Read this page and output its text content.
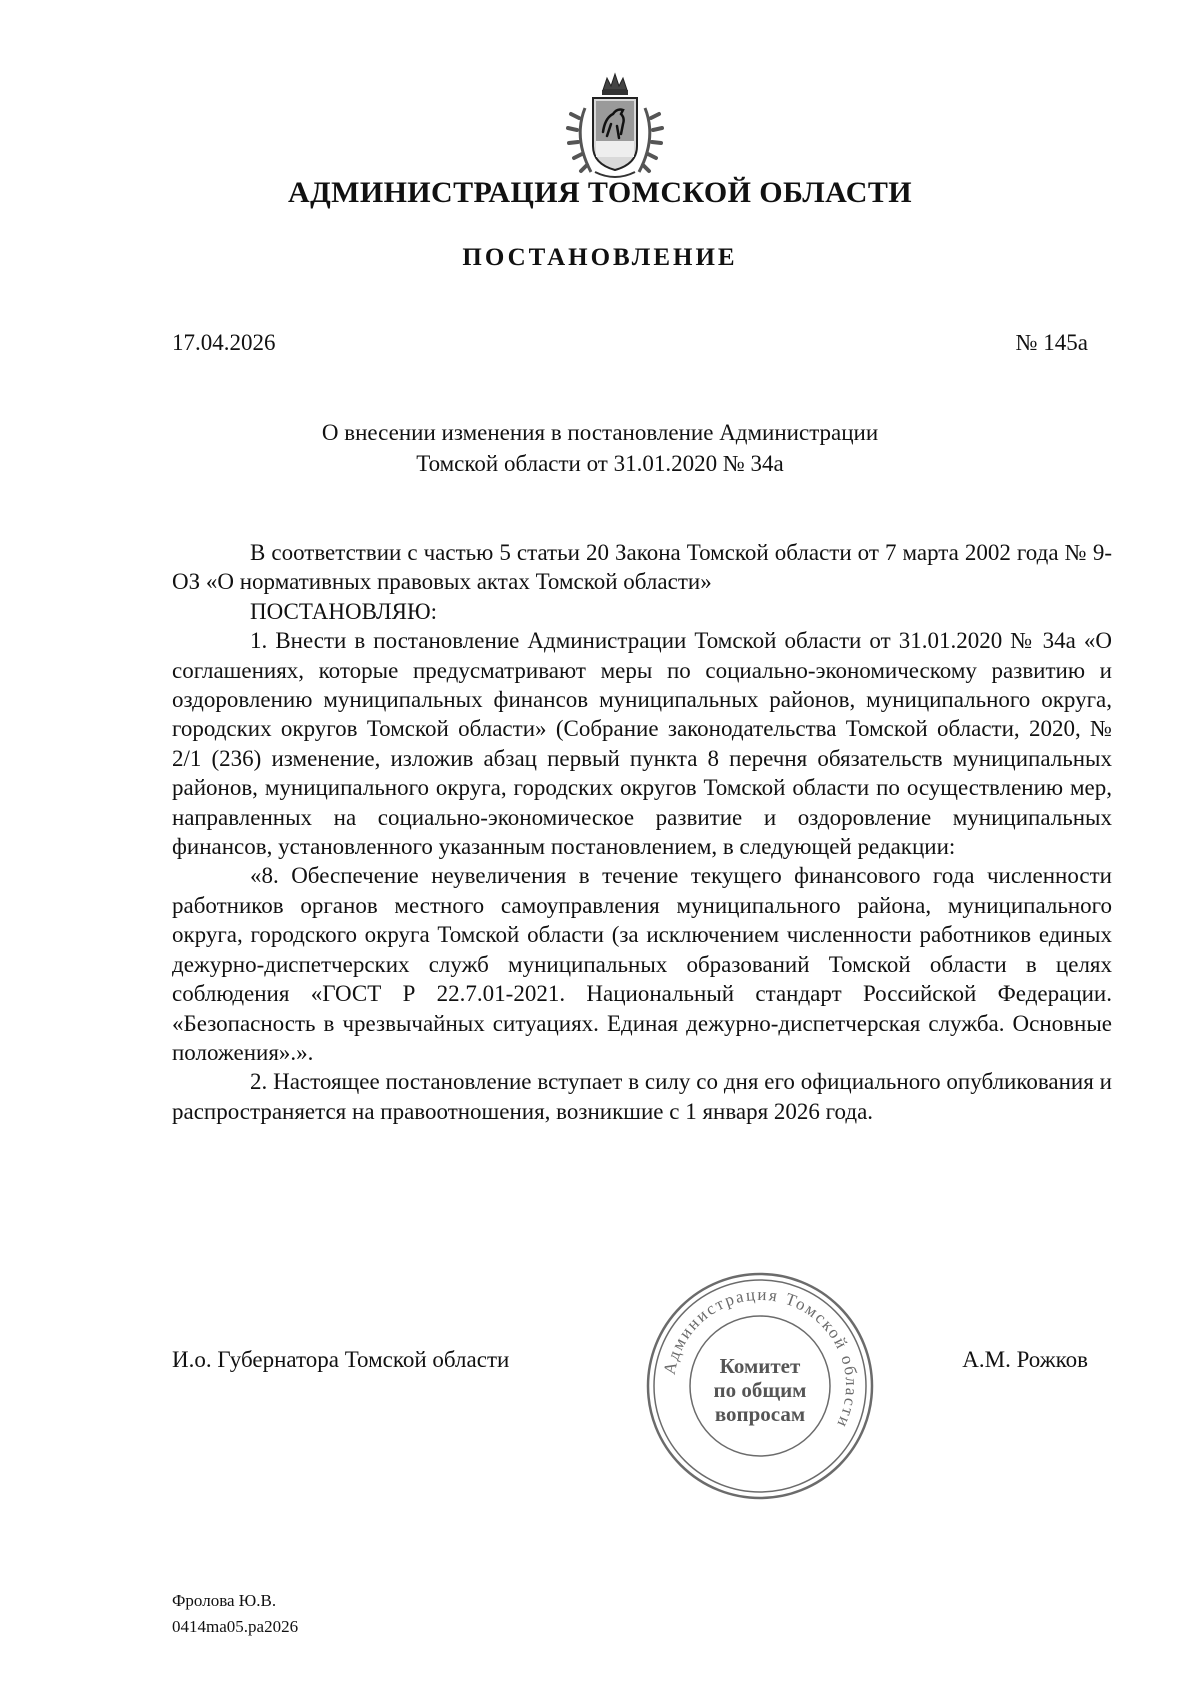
АДМИНИСТРАЦИЯ ТОМСКОЙ ОБЛАСТИ
ПОСТАНОВЛЕНИЕ
17.04.2026	№ 145а
О внесении изменения в постановление Администрации
Томской области от 31.01.2020 № 34а

В соответствии с частью 5 статьи 20 Закона Томской области от 7 марта 2002 года № 9-ОЗ «О нормативных правовых актах Томской области»

ПОСТАНОВЛЯЮ:

1. Внести в постановление Администрации Томской области от 31.01.2020 № 34а «О соглашениях, которые предусматривают меры по социально-экономическому развитию и оздоровлению муниципальных финансов муниципальных районов, муниципального округа, городских округов Томской области» (Собрание законодательства Томской области, 2020, № 2/1 (236) изменение, изложив абзац первый пункта 8 перечня обязательств муниципальных районов, муниципального округа, городских округов Томской области по осуществлению мер, направленных на социально-экономическое развитие и оздоровление муниципальных финансов, установленного указанным постановлением, в следующей редакции:

«8. Обеспечение неувеличения в течение текущего финансового года численности работников органов местного самоуправления муниципального района, муниципального округа, городского округа Томской области (за исключением численности работников единых дежурно-диспетчерских служб муниципальных образований Томской области в целях соблюдения «ГОСТ Р 22.7.01-2021. Национальный стандарт Российской Федерации. «Безопасность в чрезвычайных ситуациях. Единая дежурно-диспетчерская служба. Основные положения».».

2. Настоящее постановление вступает в силу со дня его официального опубликования и распространяется на правоотношения, возникшие с 1 января 2026 года.

И.о. Губернатора Томской области	А.М. Рожков
Администрация Томской области
Комитет
по общим
вопросам
Фролова Ю.В.
0414ma05.pa2026
